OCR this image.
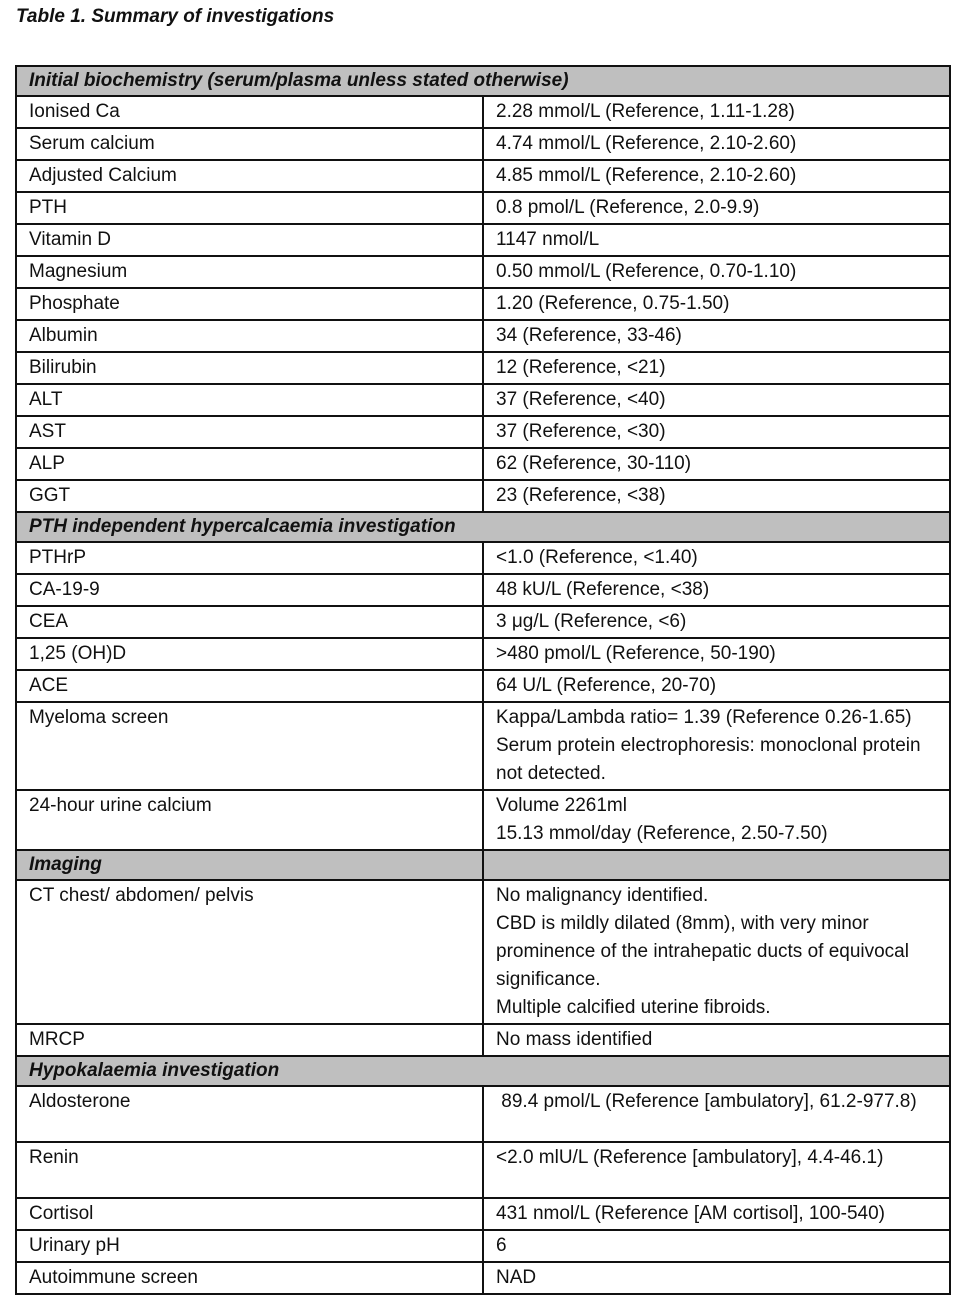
Table 1. Summary of investigations
Initial biochemistry (serum/plasma unless stated otherwise)	
Ionised Ca	2.28 mmol/L (Reference, 1.11-1.28)
Serum calcium	4.74 mmol/L (Reference, 2.10-2.60)
Adjusted Calcium	4.85 mmol/L (Reference, 2.10-2.60)
PTH	0.8 pmol/L (Reference, 2.0-9.9)
Vitamin D	1147 nmol/L
Magnesium	0.50 mmol/L (Reference, 0.70-1.10)
Phosphate	1.20 (Reference, 0.75-1.50)
Albumin	34 (Reference, 33-46)
Bilirubin	12 (Reference, <21)
ALT	37 (Reference, <40)
AST	37 (Reference, <30)
ALP	62 (Reference, 30-110)
GGT	23 (Reference, <38)
PTH independent hypercalcaemia investigation	
PTHrP	<1.0 (Reference, <1.40)
CA-19-9	48 kU/L (Reference, <38)
CEA	3 μg/L (Reference, <6)
1,25 (OH)D	>480 pmol/L (Reference, 50-190)
ACE	64 U/L (Reference, 20-70)
Myeloma screen	Kappa/Lambda ratio= 1.39 (Reference 0.26-1.65)
Serum protein electrophoresis: monoclonal protein not detected.

24-hour urine calcium	Volume 2261ml
15.13 mmol/day (Reference, 2.50-7.50)

Imaging	
CT chest/ abdomen/ pelvis	No malignancy identified.
CBD is mildly dilated (8mm), with very minor prominence of the intrahepatic ducts of equivocal significance.
Multiple calcified uterine fibroids.

MRCP	No mass identified
Hypokalaemia investigation	
Aldosterone	89.4 pmol/L (Reference [ambulatory], 61.2-977.8)
Renin	<2.0 mlU/L (Reference [ambulatory], 4.4-46.1)
Cortisol	431 nmol/L (Reference [AM cortisol], 100-540)
Urinary pH	6
Autoimmune screen	NAD
